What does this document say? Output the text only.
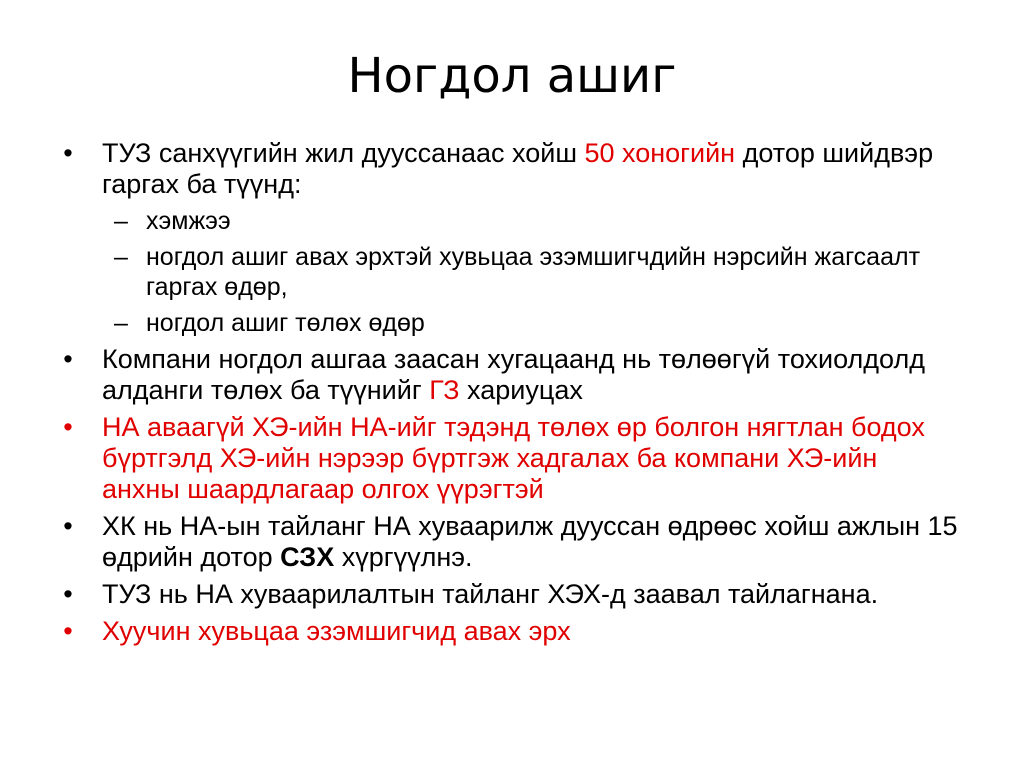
Ногдол ашиг
• ТУЗ санхүүгийн жил дууссанаас хойш 50 хоногийн дотор шийдвэр гаргах ба түүнд:
– хэмжээ
– ногдол ашиг авах эрхтэй хувьцаа эзэмшигчдийн нэрсийн жагсаалт гаргах өдөр,
– ногдол ашиг төлөх өдөр
• Компани ногдол ашгаа заасан хугацаанд нь төлөөгүй тохиолдолд алданги төлөх ба түүнийг ГЗ хариуцах
• НА аваагүй ХЭ-ийн НА-ийг тэдэнд төлөх өр болгон нягтлан бодох бүртгэлд ХЭ-ийн нэрээр бүртгэж хадгалах ба компани ХЭ-ийн анхны шаардлагаар олгох үүрэгтэй
• ХК нь НА-ын тайланг НА хуваарилж дууссан өдрөөс хойш ажлын 15 өдрийн дотор СЗХ хүргүүлнэ.
• ТУЗ нь НА хуваарилалтын тайланг ХЭХ-д заавал тайлагнана.
• Хуучин хувьцаа эзэмшигчид авах эрх
